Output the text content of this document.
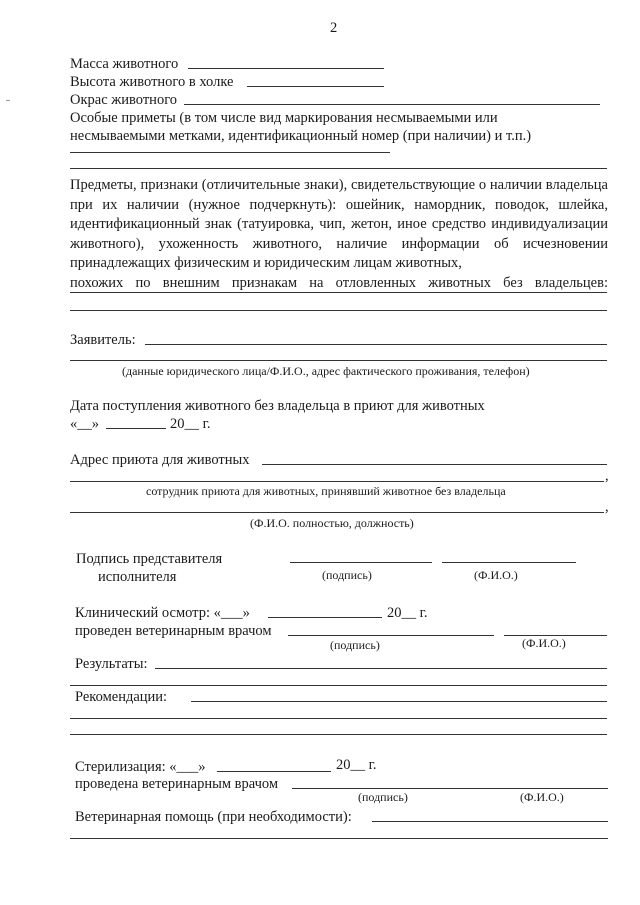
2
Масса животного
Высота животного в холке
Окрас животного
Особые приметы (в том числе вид маркирования несмываемыми или
несмываемыми метками, идентификационный номер (при наличии) и т.п.)
Предметы, признаки (отличительные знаки), свидетельствующие о наличии владельца при их наличии (нужное подчеркнуть): ошейник, намордник, поводок, шлейка, идентификационный знак (татуировка, чип, жетон, иное средство индивидуализации животного), ухоженность животного, наличие информации об исчезновении принадлежащих физическим и юридическим лицам животных,
похожих по внешним признакам на отловленных животных без владельцев:
Заявитель:
(данные юридического лица/Ф.И.О., адрес фактического проживания, телефон)
Дата поступления животного без владельца в приют для животных
«__»	20__ г.
Адрес приюта для животных
,
сотрудник приюта для животных, принявший животное без владельца
,
(Ф.И.О. полностью, должность)
Подпись представителя
исполнителя	(подпись)	(Ф.И.О.)
Клинический осмотр: «___»	20__ г.
проведен ветеринарным врачом
(подпись)	(Ф.И.О.)
Результаты:
Рекомендации:
Стерилизация: «___»	20__ г.
проведена ветеринарным врачом
(подпись)	(Ф.И.О.)
Ветеринарная помощь (при необходимости):
